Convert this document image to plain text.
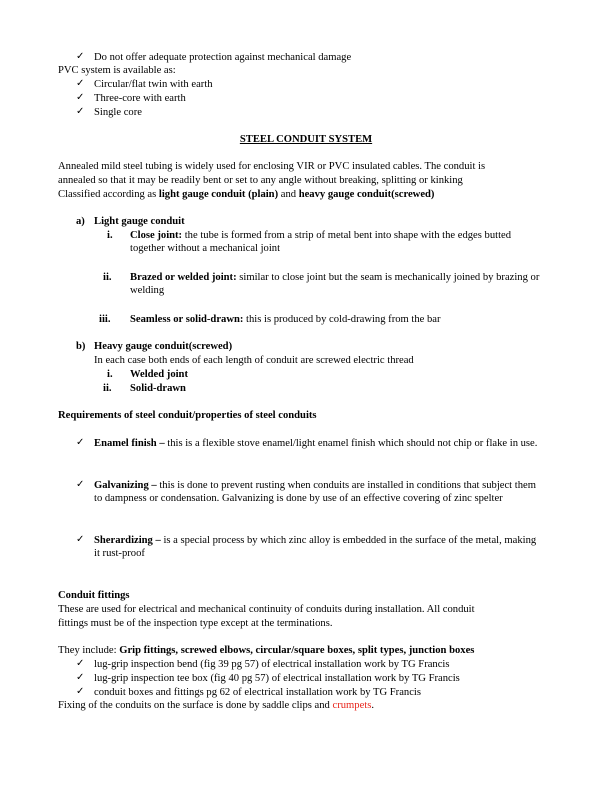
✓ Do not offer adequate protection against mechanical damage
PVC system is available as:
✓ Circular/flat twin with earth
✓ Three-core with earth
✓ Single core
STEEL CONDUIT SYSTEM
Annealed mild steel tubing is widely used for enclosing VIR or PVC insulated cables. The conduit is
annealed so that it may be readily bent or set to any angle without breaking, splitting or kinking
Classified according as light gauge conduit (plain) and heavy gauge conduit(screwed)
a) Light gauge conduit
i. Close joint: the tube is formed from a strip of metal bent into shape with the edges butted together without a mechanical joint
ii. Brazed or welded joint: similar to close joint but the seam is mechanically joined by brazing or welding
iii. Seamless or solid-drawn: this is produced by cold-drawing from the bar
b) Heavy gauge conduit(screwed)
In each case both ends of each length of conduit are screwed electric thread
i. Welded joint
ii. Solid-drawn
Requirements of steel conduit/properties of steel conduits
✓ Enamel finish – this is a flexible stove enamel/light enamel finish which should not chip or flake in use.
✓ Galvanizing – this is done to prevent rusting when conduits are installed in conditions that subject them to dampness or condensation. Galvanizing is done by use of an effective covering of zinc spelter
✓ Sherardizing – is a special process by which zinc alloy is embedded in the surface of the metal, making it rust-proof
Conduit fittings
These are used for electrical and mechanical continuity of conduits during installation. All conduit
fittings must be of the inspection type except at the terminations.
They include: Grip fittings, screwed elbows, circular/square boxes, split types, junction boxes
✓ lug-grip inspection bend (fig 39 pg 57) of electrical installation work by TG Francis
✓ lug-grip inspection tee box (fig 40 pg 57) of electrical installation work by TG Francis
✓ conduit boxes and fittings pg 62 of electrical installation work by TG Francis
Fixing of the conduits on the surface is done by saddle clips and crumpets.
